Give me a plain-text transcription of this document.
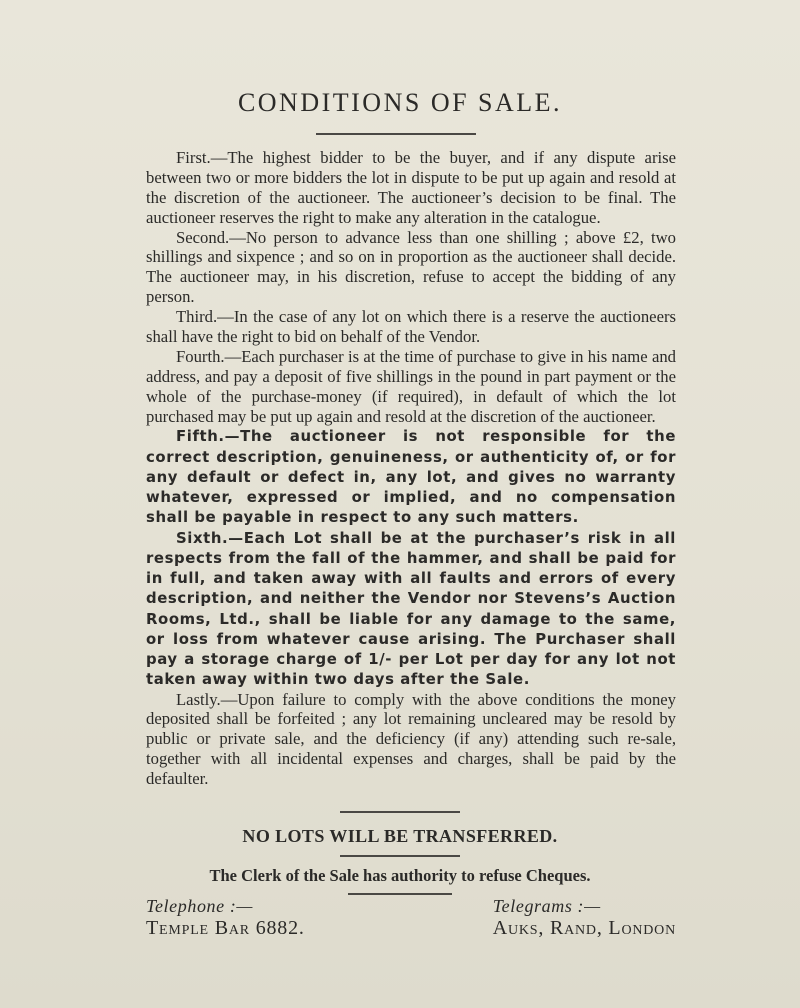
CONDITIONS OF SALE.

First.—The highest bidder to be the buyer, and if any dispute arise between two or more bidders the lot in dispute to be put up again and resold at the discretion of the auctioneer. The auctioneer’s decision to be final. The auctioneer reserves the right to make any alteration in the catalogue.

Second.—No person to advance less than one shilling ; above £2, two shillings and sixpence ; and so on in proportion as the auctioneer shall decide. The auctioneer may, in his discretion, refuse to accept the bidding of any person.

Third.—In the case of any lot on which there is a reserve the auctioneers shall have the right to bid on behalf of the Vendor.

Fourth.—Each purchaser is at the time of purchase to give in his name and address, and pay a deposit of five shillings in the pound in part payment or the whole of the purchase-money (if required), in default of which the lot purchased may be put up again and resold at the discretion of the auctioneer.

Fifth.—The auctioneer is not responsible for the correct description, genuineness, or authenticity of, or for any default or defect in, any lot, and gives no warranty whatever, expressed or implied, and no compensation shall be payable in respect to any such matters.

Sixth.—Each Lot shall be at the purchaser’s risk in all respects from the fall of the hammer, and shall be paid for in full, and taken away with all faults and errors of every description, and neither the Vendor nor Stevens’s Auction Rooms, Ltd., shall be liable for any damage to the same, or loss from whatever cause arising. The Purchaser shall pay a storage charge of 1/- per Lot per day for any lot not taken away within two days after the Sale.

Lastly.—Upon failure to comply with the above conditions the money deposited shall be forfeited ; any lot remaining uncleared may be resold by public or private sale, and the deficiency (if any) attending such re-sale, together with all incidental expenses and charges, shall be paid by the defaulter.

NO LOTS WILL BE TRANSFERRED.

The Clerk of the Sale has authority to refuse Cheques.

Telephone :—
Temple Bar 6882.
Telegrams :—
Auks, Rand, London
